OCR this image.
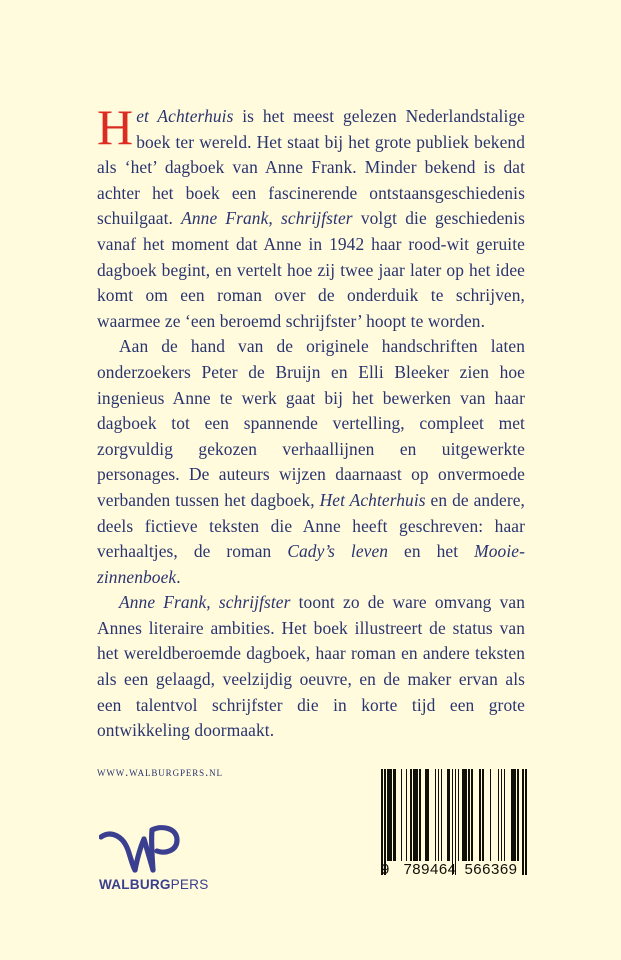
Het Achterhuis is het meest gelezen Nederlandstalige boek ter wereld. Het staat bij het grote publiek bekend als ‘het’ dagboek van Anne Frank. Minder bekend is dat achter het boek een fascinerende ontstaansgeschiedenis schuilgaat. Anne Frank, schrijfster volgt die geschiedenis vanaf het moment dat Anne in 1942 haar rood-wit geruite dagboek begint, en vertelt hoe zij twee jaar later op het idee komt om een roman over de onderduik te schrijven, waarmee ze ‘een beroemd schrijfster’ hoopt te worden.

Aan de hand van de originele handschriften laten onderzoekers Peter de Bruijn en Elli Bleeker zien hoe ingenieus Anne te werk gaat bij het bewerken van haar dagboek tot een spannende vertelling, compleet met zorgvuldig gekozen verhaallijnen en uitgewerkte personages. De auteurs wijzen daarnaast op onvermoede verbanden tussen het dagboek, Het Achterhuis en de andere, deels fictieve teksten die Anne heeft geschreven: haar verhaaltjes, de roman Cady’s leven en het Mooie-zinnenboek.

Anne Frank, schrijfster toont zo de ware omvang van Annes literaire ambities. Het boek illustreert de status van het wereldberoemde dagboek, haar roman en andere teksten als een gelaagd, veelzijdig oeuvre, en de maker ervan als een talentvol schrijfster die in korte tijd een grote ontwikkeling doormaakt.

www.walburgpers.nl
WALBURGPERS
9 789464 566369
